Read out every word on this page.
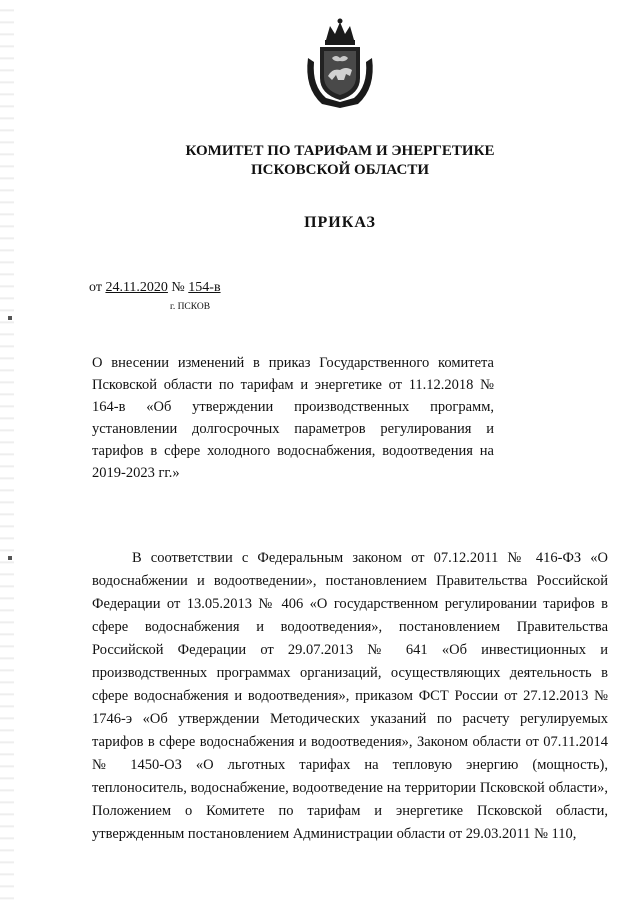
КОМИТЕТ ПО ТАРИФАМ И ЭНЕРГЕТИКЕ
ПСКОВСКОЙ ОБЛАСТИ
ПРИКАЗ
от 24.11.2020 № 154-в
г. ПСКОВ
О внесении изменений в приказ Государственного комитета Псковской области по тарифам и энергетике от 11.12.2018 № 164-в «Об утверждении производственных программ, установлении долгосрочных параметров регулирования и тарифов в сфере холодного водоснабжения, водоотведения на 2019-2023 гг.»
В соответствии с Федеральным законом от 07.12.2011 № 416-ФЗ «О водоснабжении и водоотведении», постановлением Правительства Российской Федерации от 13.05.2013 № 406 «О государственном регулировании тарифов в сфере водоснабжения и водоотведения», постановлением Правительства Российской Федерации от 29.07.2013 № 641 «Об инвестиционных и производственных программах организаций, осуществляющих деятельность в сфере водоснабжения и водоотведения», приказом ФСТ России от 27.12.2013 № 1746-э «Об утверждении Методических указаний по расчету регулируемых тарифов в сфере водоснабжения и водоотведения», Законом области от 07.11.2014 № 1450-ОЗ «О льготных тарифах на тепловую энергию (мощность), теплоноситель, водоснабжение, водоотведение на территории Псковской области», Положением о Комитете по тарифам и энергетике Псковской области, утвержденным постановлением Администрации области от 29.03.2011 № 110,
